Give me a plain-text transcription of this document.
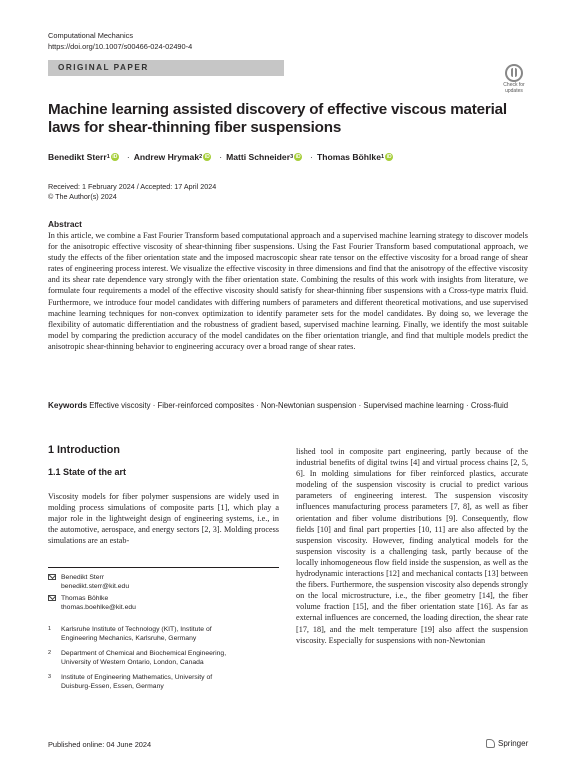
Computational Mechanics
https://doi.org/10.1007/s00466-024-02490-4
ORIGINAL PAPER
Check for
updates
Machine learning assisted discovery of effective viscous material laws for shear-thinning fiber suspensions
Benedikt Sterr 1 iD · Andrew Hrymak 2 iD · Matti Schneider 3 iD · Thomas Böhlke 1 iD
Received: 1 February 2024 / Accepted: 17 April 2024
© The Author(s) 2024
Abstract

In this article, we combine a Fast Fourier Transform based computational approach and a supervised machine learning strategy to discover models for the anisotropic effective viscosity of shear-thinning fiber suspensions. Using the Fast Fourier Transform based computational approach, we study the effects of the fiber orientation state and the imposed macroscopic shear rate tensor on the effective viscosity for a broad range of shear rates of engineering process interest. We visualize the effective viscosity in three dimensions and find that the anisotropy of the effective viscosity and its shear rate dependence vary strongly with the fiber orientation state. Combining the results of this work with insights from literature, we formulate four requirements a model of the effective viscosity should satisfy for shear-thinning fiber suspensions with a Cross-type matrix fluid. Furthermore, we introduce four model candidates with differing numbers of parameters and different theoretical motivations, and use supervised machine learning techniques for non-convex optimization to identify parameter sets for the model candidates. By doing so, we leverage the flexibility of automatic differentiation and the robustness of gradient based, supervised machine learning. Finally, we identify the most suitable model by comparing the prediction accuracy of the model candidates on the fiber orientation triangle, and find that multiple models predict the anisotropic shear-thinning behavior to engineering accuracy over a broad range of shear rates.

Keywords Effective viscosity · Fiber-reinforced composites · Non-Newtonian suspension · Supervised machine learning · Cross-fluid
1 Introduction
1.1 State of the art
Viscosity models for fiber polymer suspensions are widely used in molding process simulations of composite parts [1], which play a major role in the lightweight design of engineering systems, i.e., in the automotive, aerospace, and energy sectors [2, 3]. Molding process simulations are an estab-
Benedikt Sterr
benedikt.sterr@kit.edu
Thomas Böhlke
thomas.boehlke@kit.edu
1	Karlsruhe Institute of Technology (KIT), Institute of
Engineering Mechanics, Karlsruhe, Germany
2	Department of Chemical and Biochemical Engineering,
University of Western Ontario, London, Canada
3	Institute of Engineering Mathematics, University of
Duisburg-Essen, Essen, Germany
lished tool in composite part engineering, partly because of the industrial benefits of digital twins [4] and virtual process chains [2, 5, 6]. In molding simulations for fiber reinforced plastics, accurate modeling of the suspension viscosity is crucial to predict various parameters of engineering interest. The suspension viscosity influences manufacturing process parameters [7, 8], as well as fiber orientation and fiber volume distributions [9]. Consequently, flow fields [10] and final part properties [10, 11] are also affected by the suspension viscosity. However, finding analytical models for the suspension viscosity is a challenging task, partly because of the locally inhomogeneous flow field inside the suspension, as well as the hydrodynamic interactions [12] and mechanical contacts [13] between the fibers. Furthermore, the suspension viscosity also depends strongly on the local microstructure, i.e., the fiber geometry [14], the fiber volume fraction [15], and the fiber orientation state [16]. As far as external influences are concerned, the loading direction, the shear rate [17, 18], and the melt temperature [19] also affect the suspension viscosity. Especially for suspensions with non-Newtonian
Published online: 04 June 2024	Springer
